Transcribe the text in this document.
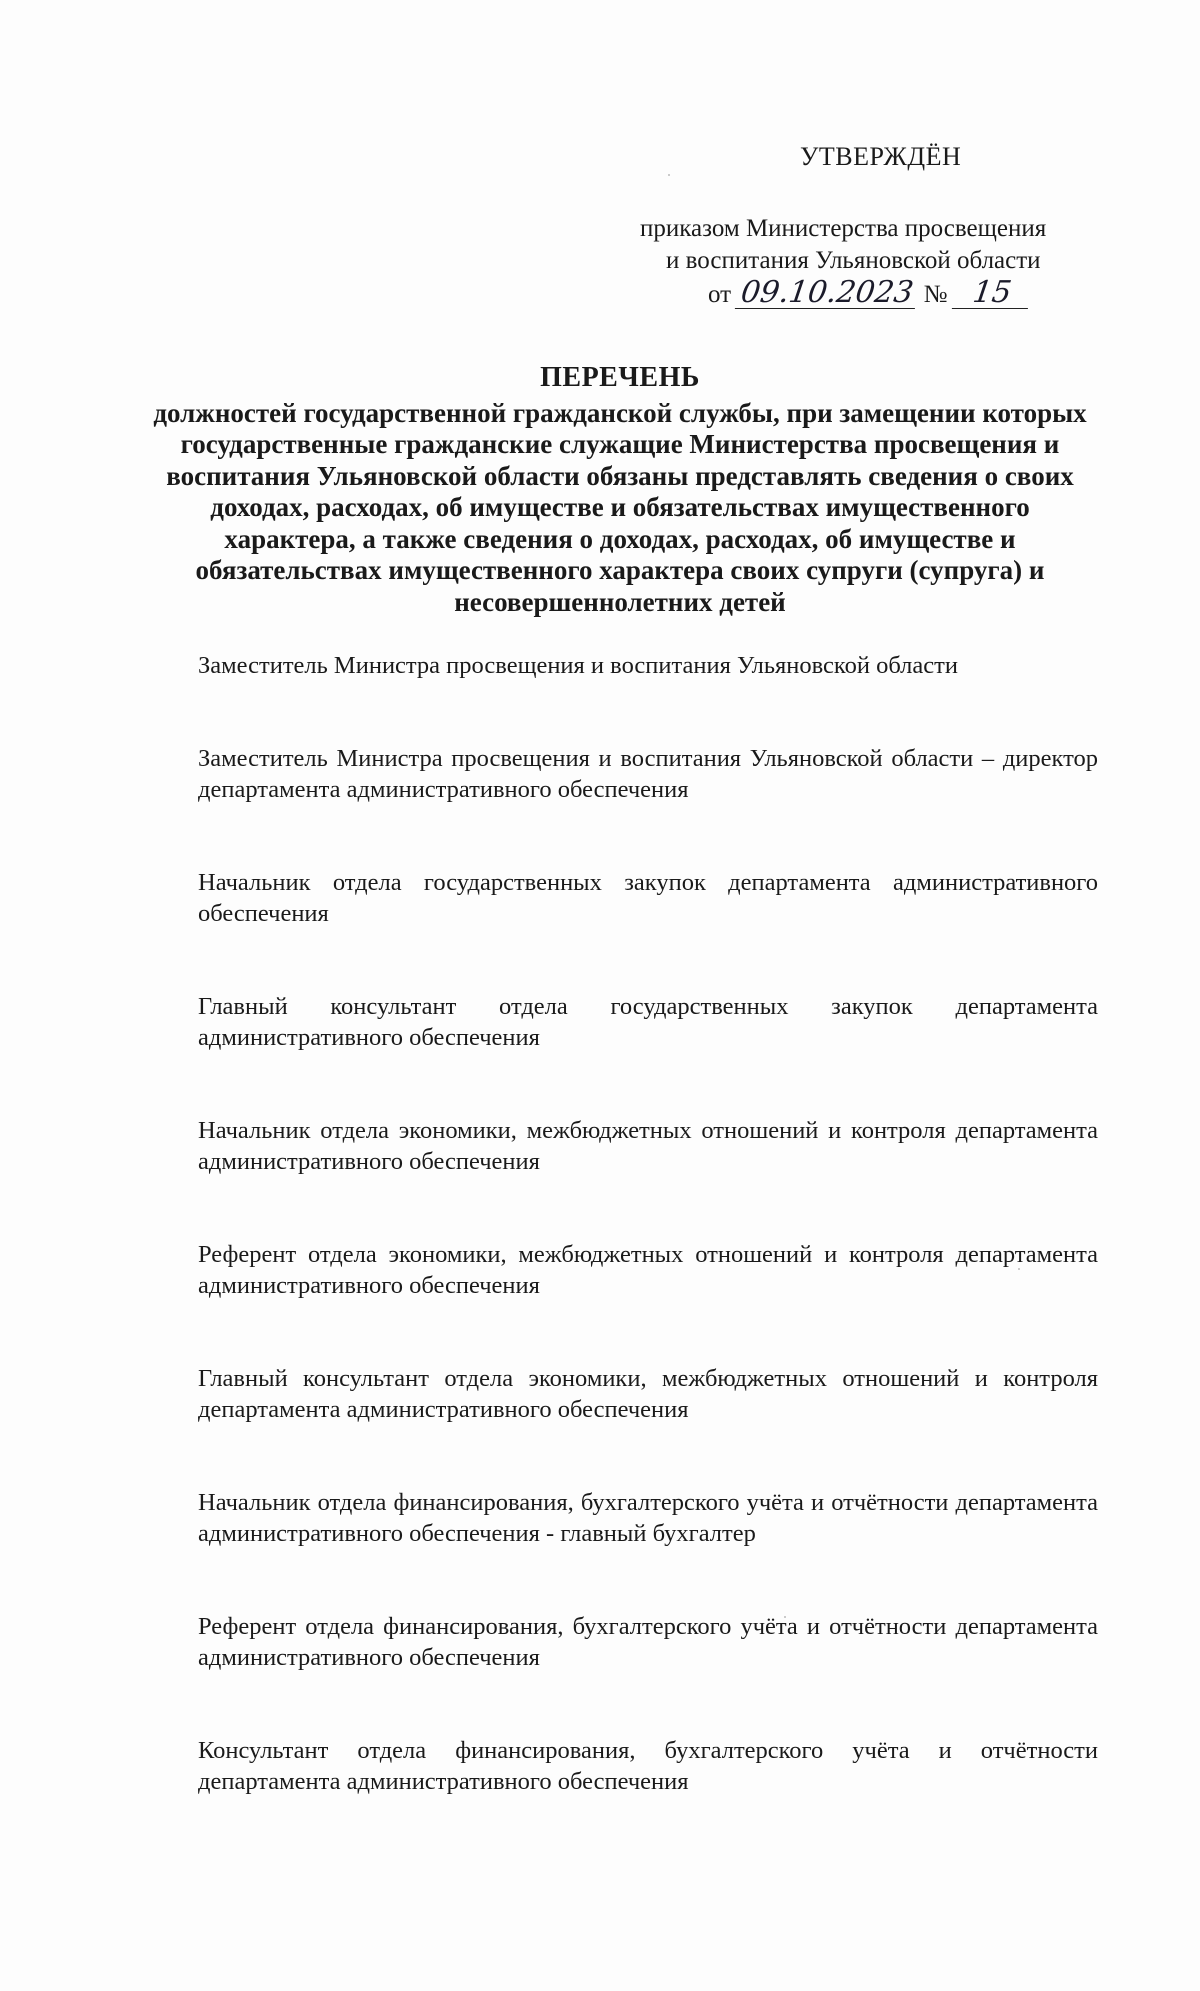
УТВЕРЖДЁН
приказом Министерства просвещения
и воспитания Ульяновской области
от 09.10.2023 № 15
ПЕРЕЧЕНЬ
должностей государственной гражданской службы, при замещении которых государственные гражданские служащие Министерства просвещения и воспитания Ульяновской области обязаны представлять сведения о своих доходах, расходах, об имуществе и обязательствах имущественного характера, а также сведения о доходах, расходах, об имуществе и обязательствах имущественного характера своих супруги (супруга) и несовершеннолетних детей
Заместитель Министра просвещения и воспитания Ульяновской области
Заместитель Министра просвещения и воспитания Ульяновской области – директор департамента административного обеспечения
Начальник отдела государственных закупок департамента административного обеспечения
Главный консультант отдела государственных закупок департамента административного обеспечения
Начальник отдела экономики, межбюджетных отношений и контроля департамента административного обеспечения
Референт отдела экономики, межбюджетных отношений и контроля департамента административного обеспечения
Главный консультант отдела экономики, межбюджетных отношений и контроля департамента административного обеспечения
Начальник отдела финансирования, бухгалтерского учёта и отчётности департамента административного обеспечения - главный бухгалтер
Референт отдела финансирования, бухгалтерского учёта и отчётности департамента административного обеспечения
Консультант отдела финансирования, бухгалтерского учёта и отчётности департамента административного обеспечения
